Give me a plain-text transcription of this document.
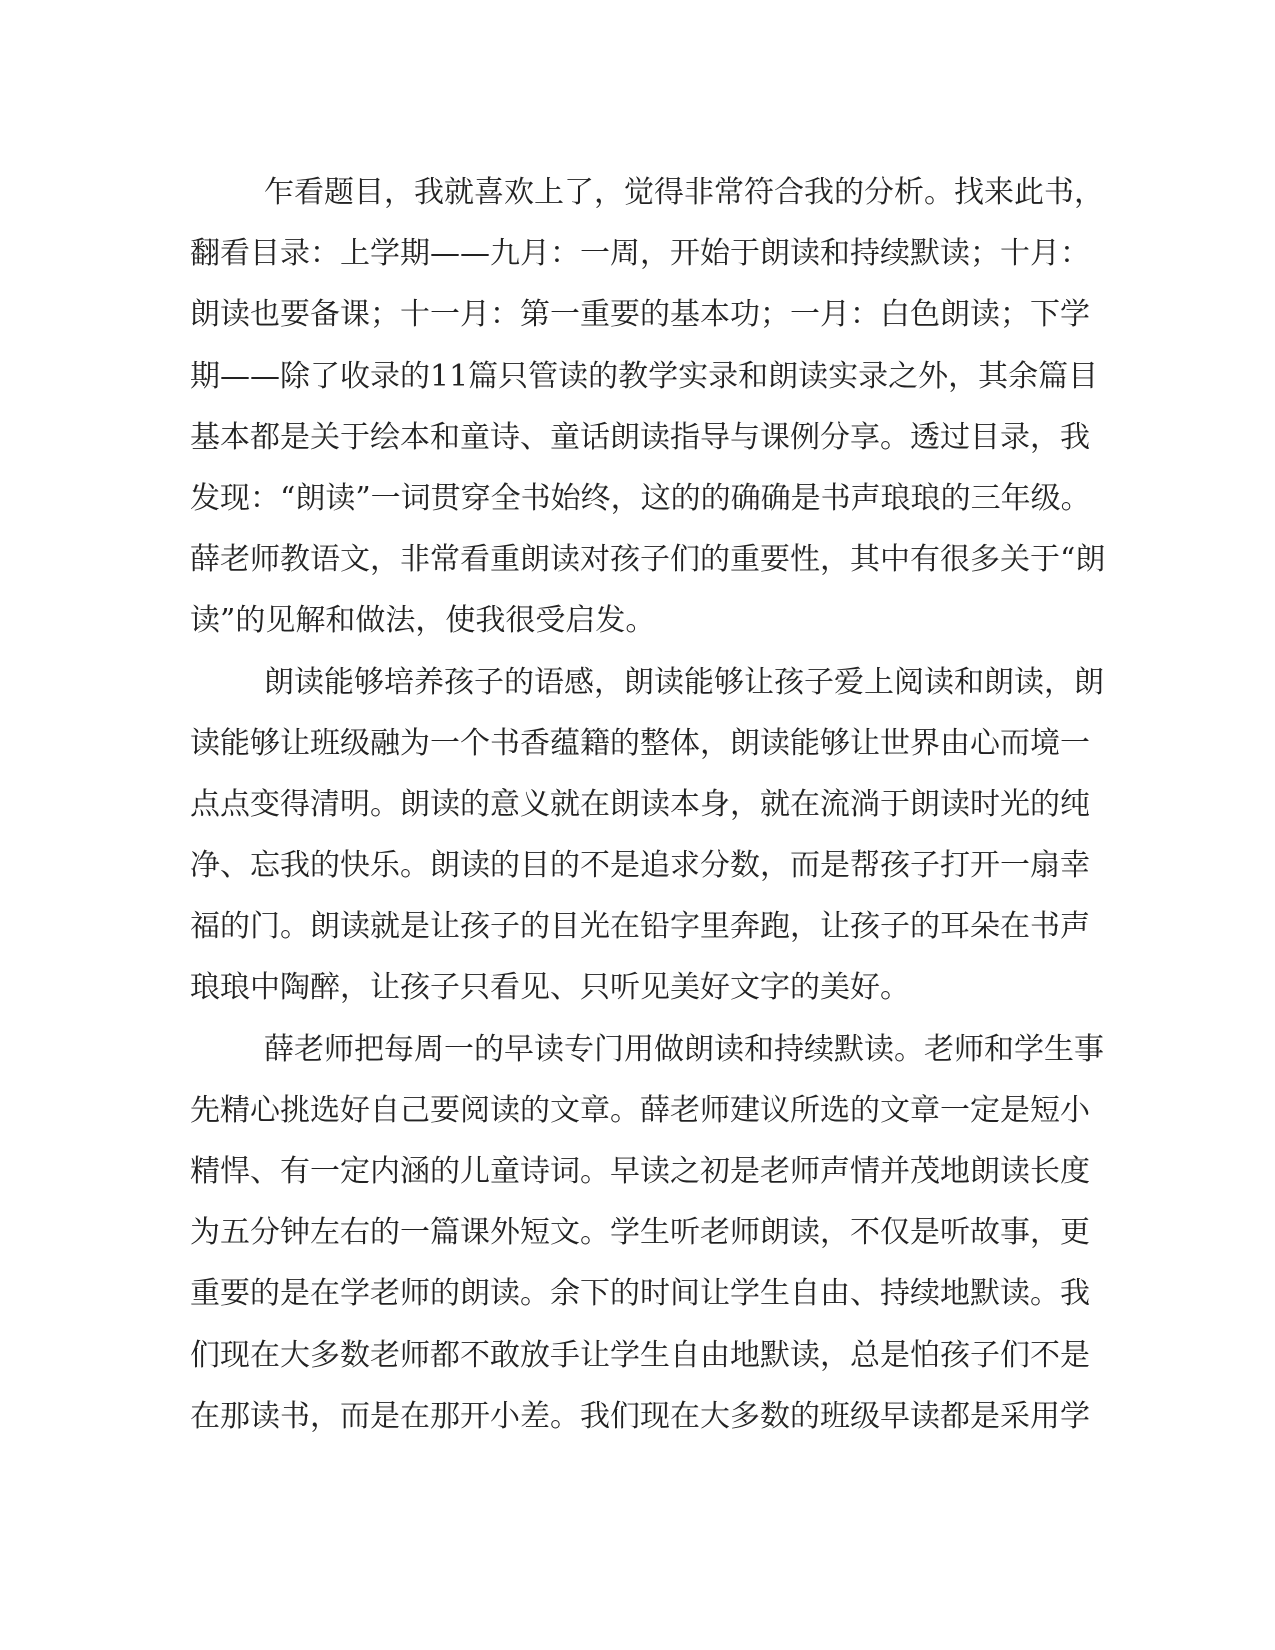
乍看题目，我就喜欢上了，觉得非常符合我的分析。找来此书，
翻看目录：上学期——九月：一周，开始于朗读和持续默读；十月：
朗读也要备课；十一月：第一重要的基本功；一月：白色朗读；下学
期——除了收录的11篇只管读的教学实录和朗读实录之外，其余篇目
基本都是关于绘本和童诗、童话朗读指导与课例分享。透过目录，我
发现：“朗读”一词贯穿全书始终，这的的确确是书声琅琅的三年级。
薛老师教语文，非常看重朗读对孩子们的重要性，其中有很多关于“朗
读”的见解和做法，使我很受启发。
朗读能够培养孩子的语感，朗读能够让孩子爱上阅读和朗读，朗
读能够让班级融为一个书香蕴籍的整体，朗读能够让世界由心而境一
点点变得清明。朗读的意义就在朗读本身，就在流淌于朗读时光的纯
净、忘我的快乐。朗读的目的不是追求分数，而是帮孩子打开一扇幸
福的门。朗读就是让孩子的目光在铅字里奔跑，让孩子的耳朵在书声
琅琅中陶醉，让孩子只看见、只听见美好文字的美好。
薛老师把每周一的早读专门用做朗读和持续默读。老师和学生事
先精心挑选好自己要阅读的文章。薛老师建议所选的文章一定是短小
精悍、有一定内涵的儿童诗词。早读之初是老师声情并茂地朗读长度
为五分钟左右的一篇课外短文。学生听老师朗读，不仅是听故事，更
重要的是在学老师的朗读。余下的时间让学生自由、持续地默读。我
们现在大多数老师都不敢放手让学生自由地默读，总是怕孩子们不是
在那读书，而是在那开小差。我们现在大多数的班级早读都是采用学
